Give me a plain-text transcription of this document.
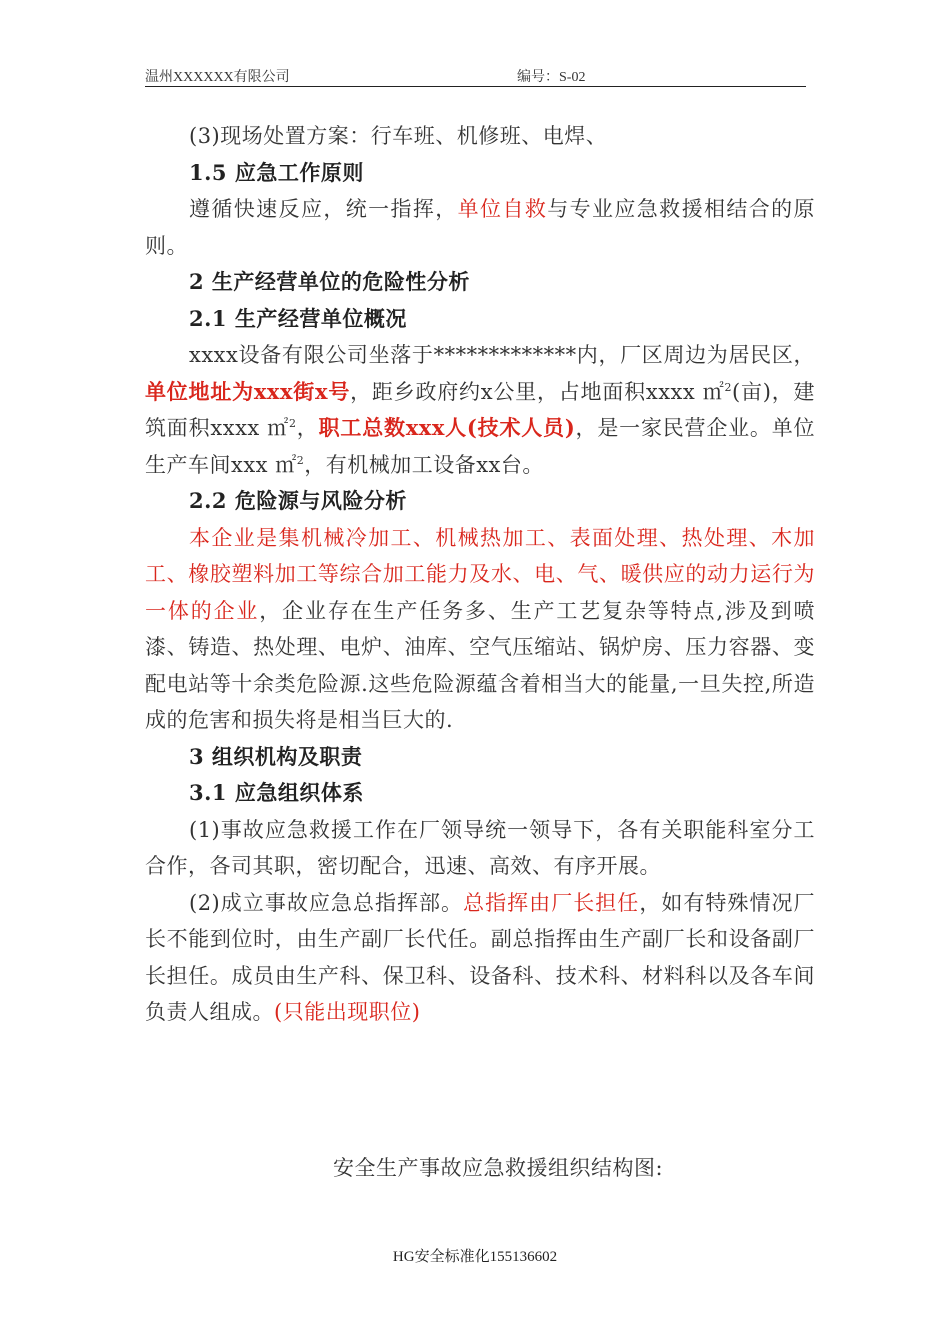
温州XXXXXX有限公司	编号：S-02

(3)现场处置方案：行车班、机修班、电焊、

1.5 应急工作原则

遵循快速反应，统一指挥，单位自救与专业应急救援相结合的原则。

2 生产经营单位的危险性分析

2.1 生产经营单位概况

xxxx设备有限公司坐落于*************内，厂区周边为居民区，单位地址为xxx街x号，距乡政府约x公里，占地面积xxxx ㎡$^2$(亩)，建筑面积xxxx ㎡$^2$，职工总数xxx人(技术人员)，是一家民营企业。单位生产车间xxx ㎡$^2$，有机械加工设备xx台。

2.2 危险源与风险分析

本企业是集机械冷加工、机械热加工、表面处理、热处理、木加工、橡胶塑料加工等综合加工能力及水、电、气、暖供应的动力运行为一体的企业，企业存在生产任务多、生产工艺复杂等特点,涉及到喷漆、铸造、热处理、电炉、油库、空气压缩站、锅炉房、压力容器、变配电站等十余类危险源.这些危险源蕴含着相当大的能量,一旦失控,所造成的危害和损失将是相当巨大的.

3 组织机构及职责

3.1 应急组织体系

(1)事故应急救援工作在厂领导统一领导下，各有关职能科室分工合作，各司其职，密切配合，迅速、高效、有序开展。

(2)成立事故应急总指挥部。总指挥由厂长担任，如有特殊情况厂长不能到位时，由生产副厂长代任。副总指挥由生产副厂长和设备副厂长担任。成员由生产科、保卫科、设备科、技术科、材料科以及各车间负责人组成。(只能出现职位)

安全生产事故应急救援组织结构图:
HG安全标准化155136602
